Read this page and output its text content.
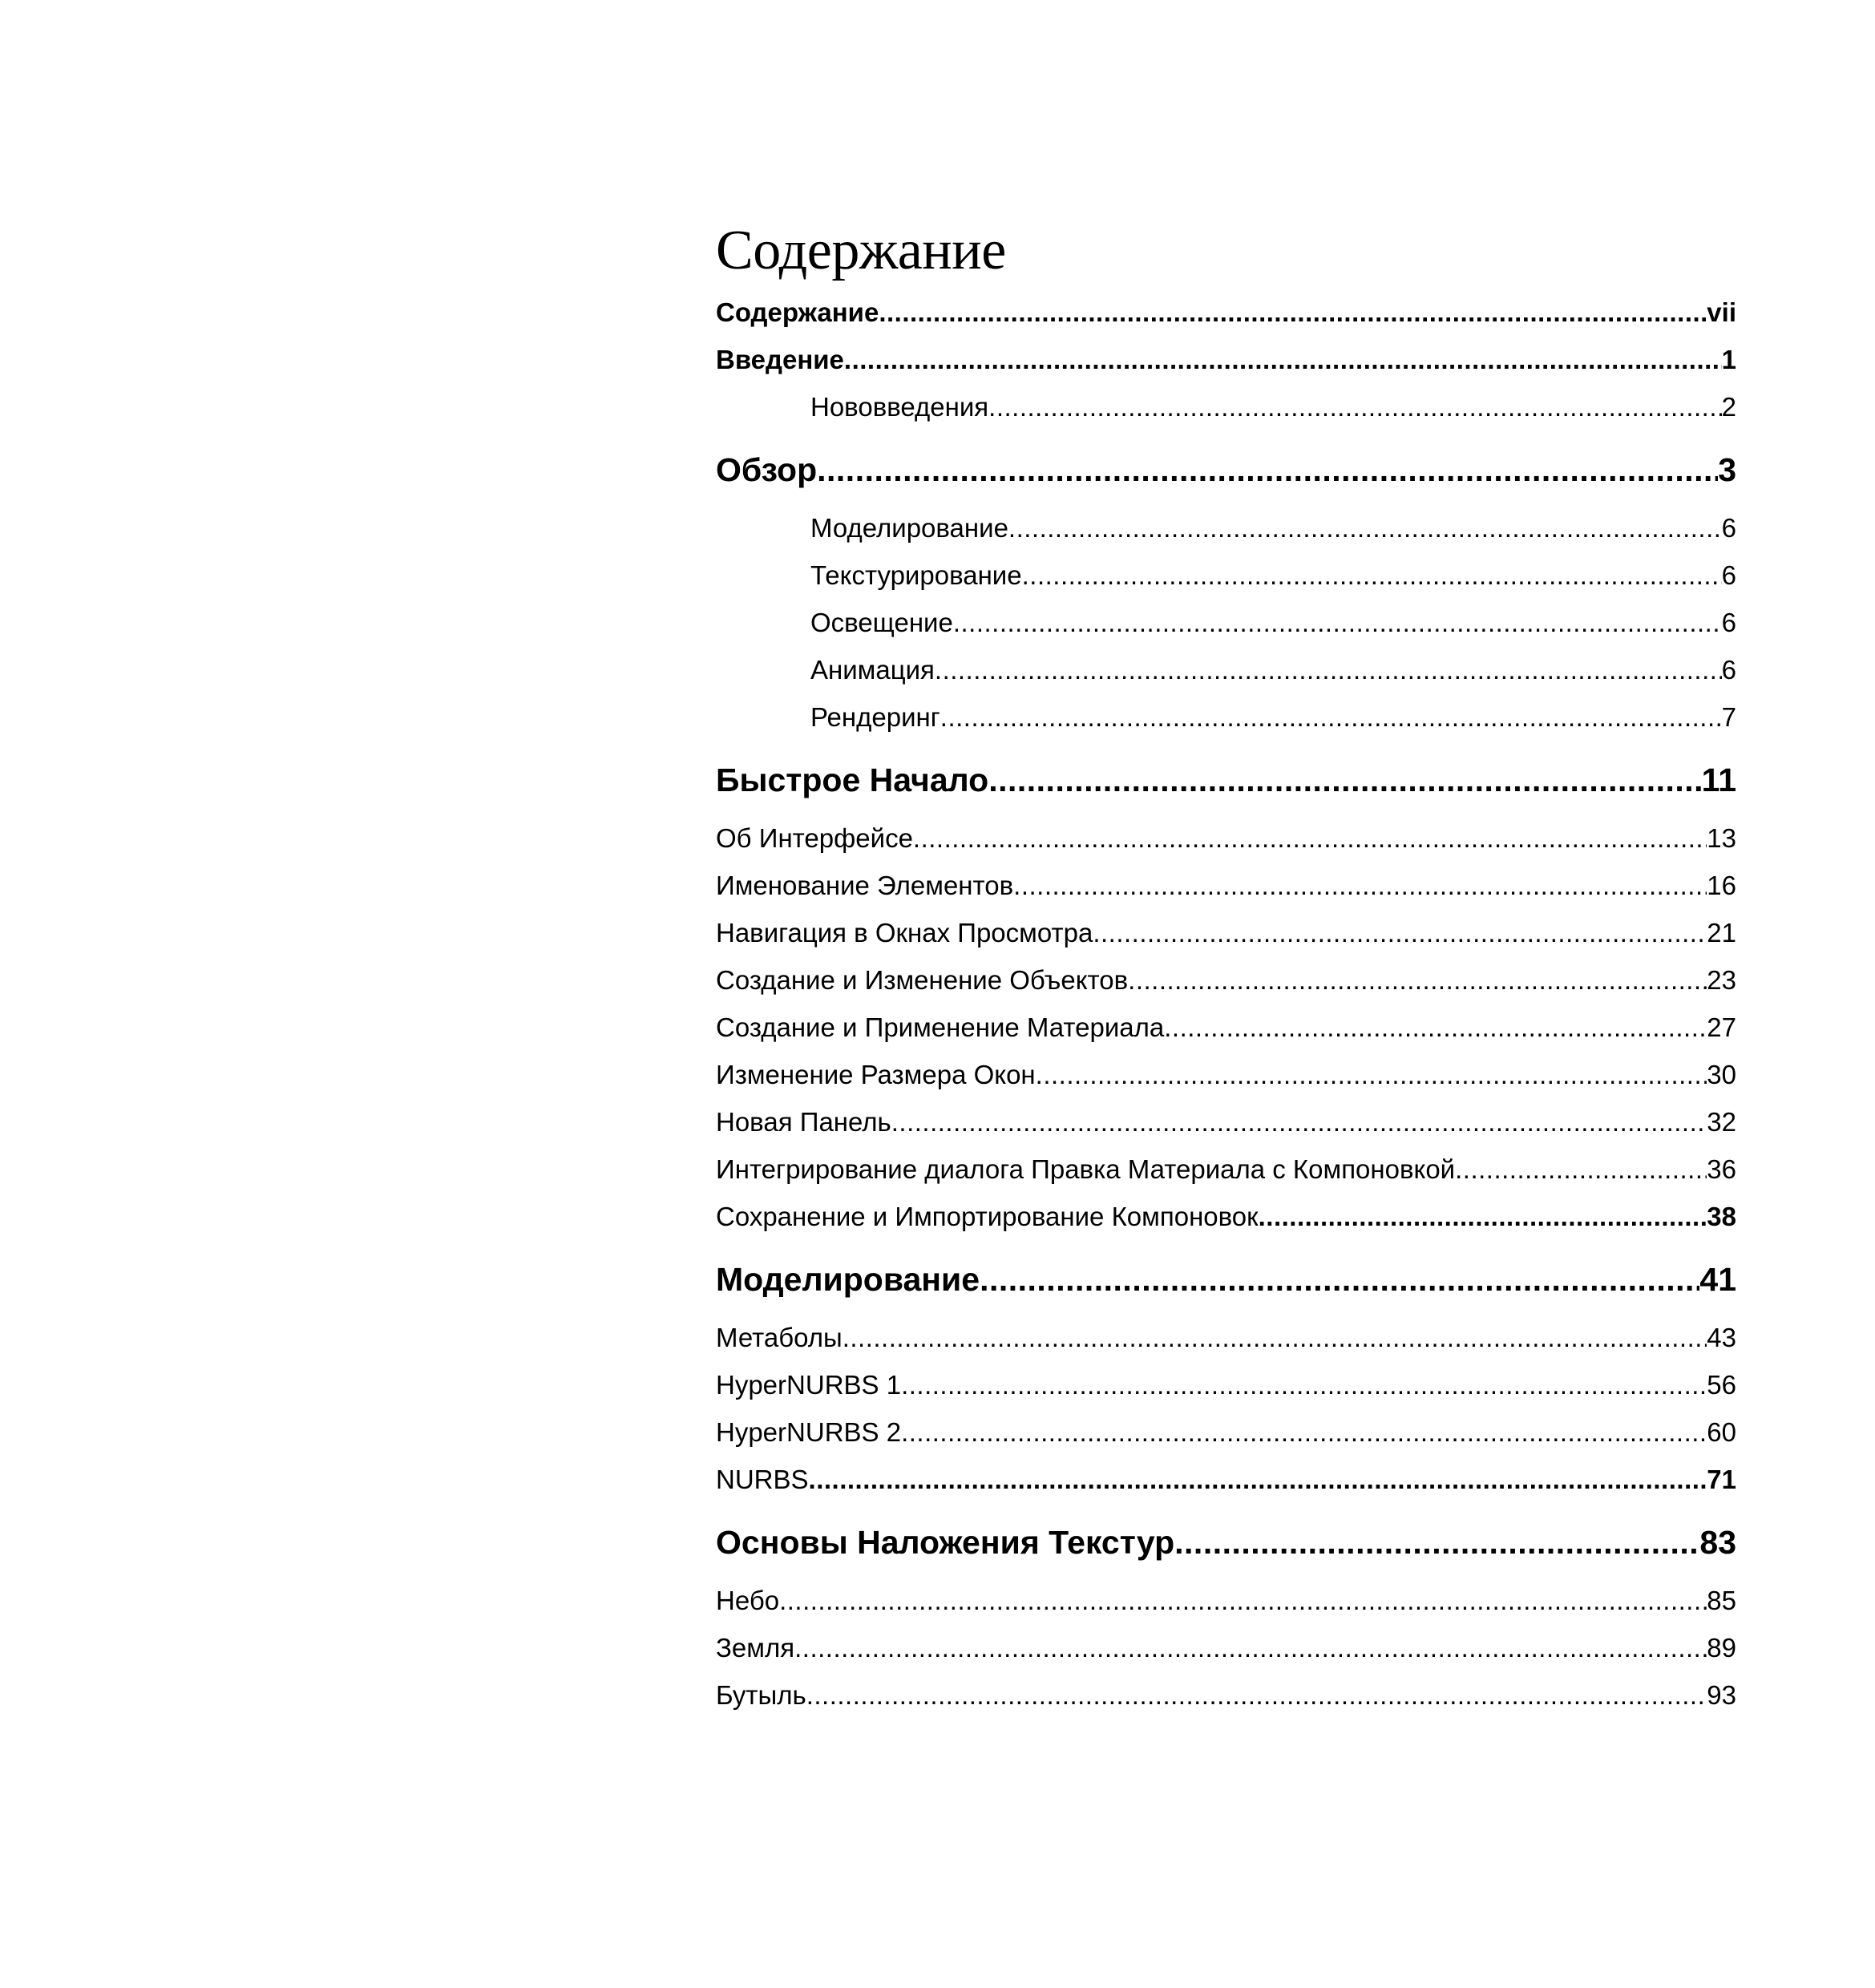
Содержание
Содержание .....	vii
Введение .....	1
Нововведения .....	2
Обзор .....	3
Моделирование .....	6
Текстурирование .....	6
Освещение .....	6
Анимация .....	6
Рендеринг .....	7
Быстрое Начало .....	11
Об Интерфейсе .....	13
Именование Элементов .....	16
Навигация в Окнах Просмотра .....	21
Создание и Изменение Объектов .....	23
Создание и Применение Материала .....	27
Изменение Размера Окон .....	30
Новая Панель .....	32
Интегрирование диалога Правка Материала с Компоновкой .....	36
Сохранение и Импортирование Компоновок .....	38
Моделирование .....	41
Метаболы .....	43
HyperNURBS 1 .....	56
HyperNURBS 2 .....	60
NURBS .....	71
Основы Наложения Текстур .....	83
Небо .....	85
Земля .....	89
Бутыль .....	93
